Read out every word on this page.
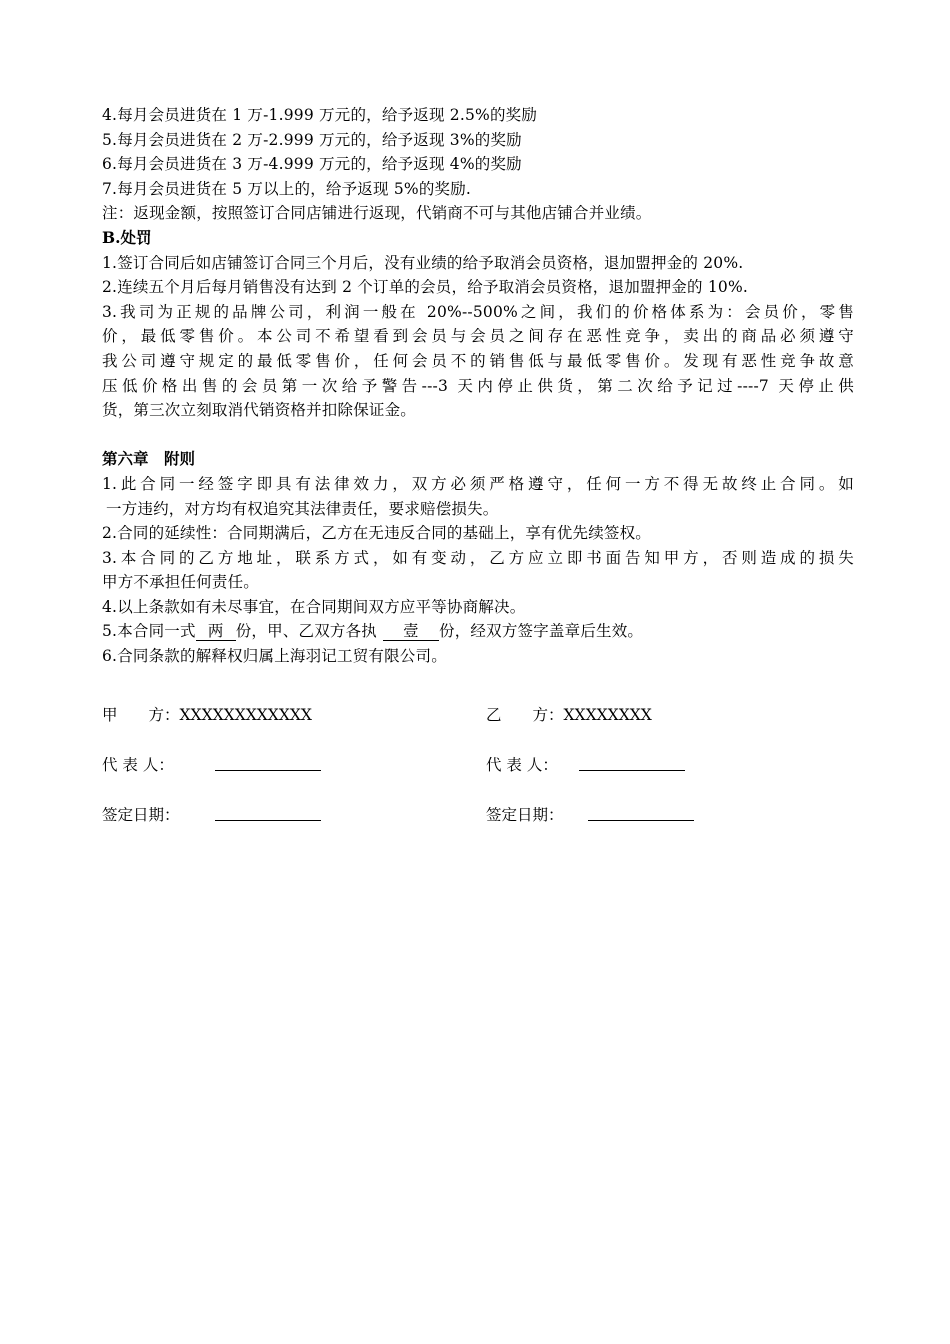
4.每月会员进货在 1 万-1.999 万元的，给予返现 2.5%的奖励
5.每月会员进货在 2 万-2.999 万元的，给予返现 3%的奖励
6.每月会员进货在 3 万-4.999 万元的，给予返现 4%的奖励
7.每月会员进货在 5 万以上的，给予返现 5%的奖励.
注：返现金额，按照签订合同店铺进行返现，代销商不可与其他店铺合并业绩。
B.处罚
1.签订合同后如店铺签订合同三个月后，没有业绩的给予取消会员资格，退加盟押金的 20%.
2.连续五个月后每月销售没有达到 2 个订单的会员，给予取消会员资格，退加盟押金的 10%.
3.我司为正规的品牌公司，利润一般在 20%--500%之间，我们的价格体系为：会员价，零售
价，最低零售价。本公司不希望看到会员与会员之间存在恶性竞争，卖出的商品必须遵守
我公司遵守规定的最低零售价，任何会员不的销售低与最低零售价。发现有恶性竞争故意
压低价格出售的会员第一次给予警告---3 天内停止供货，第二次给予记过----7 天停止供
货，第三次立刻取消代销资格并扣除保证金。
第六章　附则
1.此合同一经签字即具有法律效力，双方必须严格遵守，任何一方不得无故终止合同。如
一方违约，对方均有权追究其法律责任，要求赔偿损失。
2.合同的延续性：合同期满后，乙方在无违反合同的基础上，享有优先续签权。
3.本合同的乙方地址，联系方式，如有变动，乙方应立即书面告知甲方，否则造成的损失
甲方不承担任何责任。
4.以上条款如有未尽事宜，在合同期间双方应平等协商解决。
5.本合同一式 两 份，甲、乙双方各执 壹 份，经双方签字盖章后生效。
6.合同条款的解释权归属上海羽记工贸有限公司。
甲　　方：XXXXXXXXXXXX	乙　　方：XXXXXXXX
代 表 人：	代 表 人：
签定日期：	签定日期：
